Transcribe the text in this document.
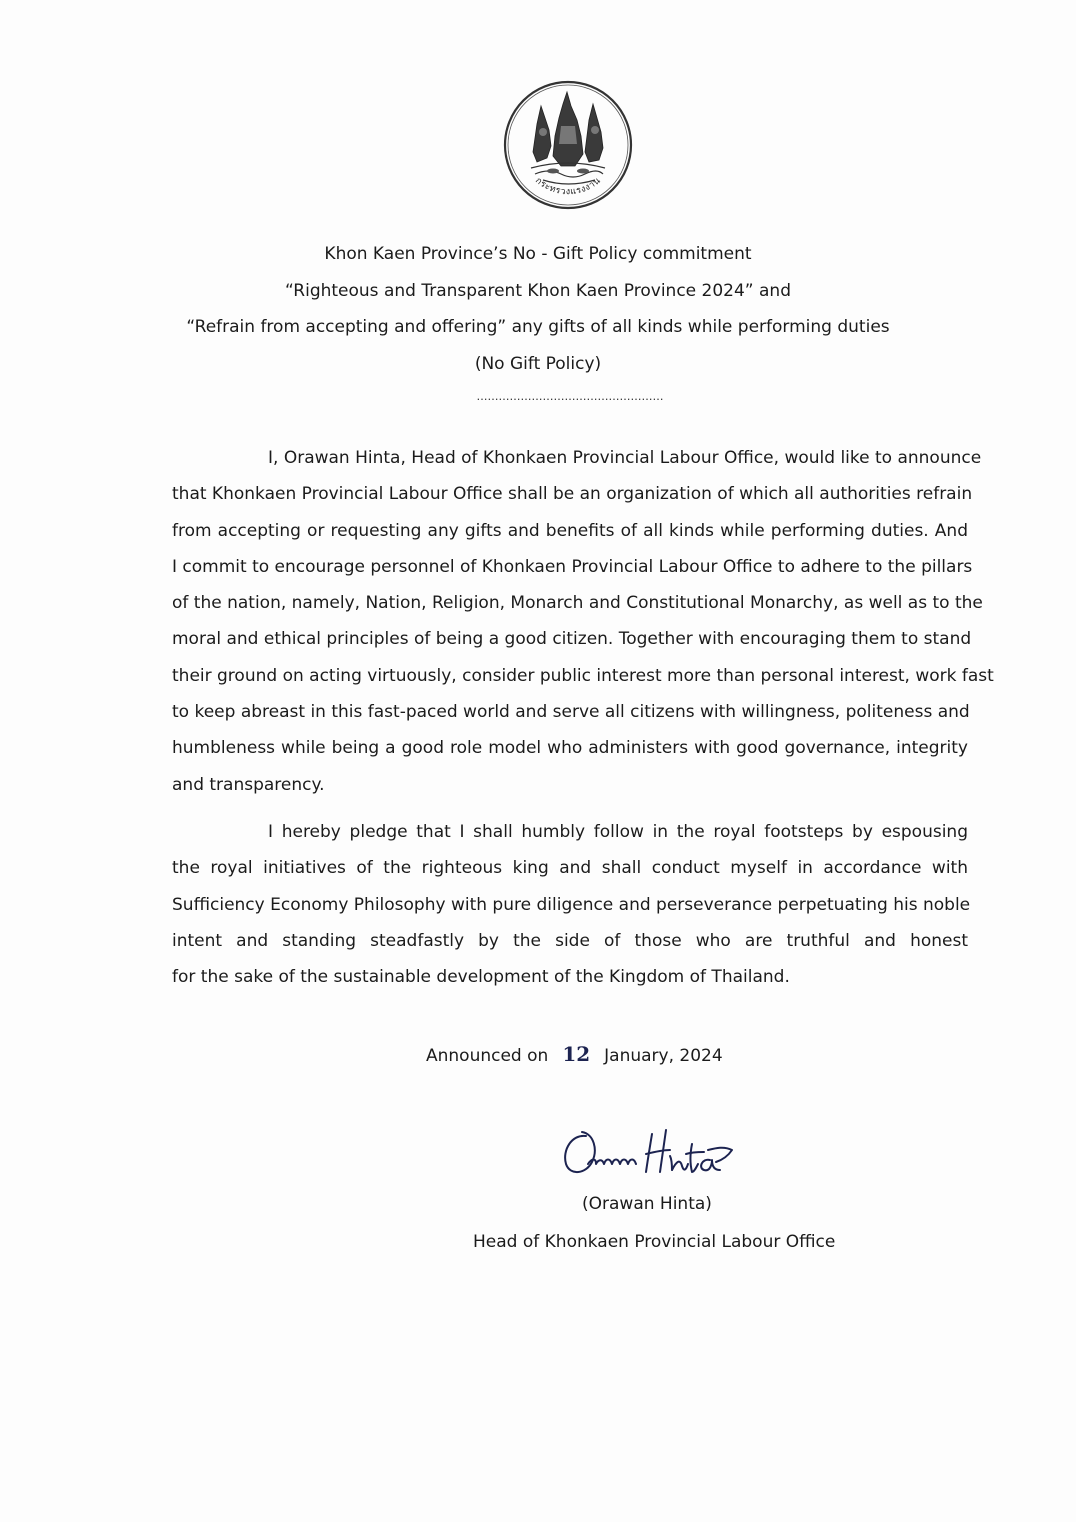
กระทรวงแรงงาน
Khon Kaen Province’s No - Gift Policy commitment
“Righteous and Transparent Khon Kaen Province 2024” and
“Refrain from accepting and offering” any gifts of all kinds while performing duties
(No Gift Policy)
……………………………………………
I, Orawan Hinta, Head of Khonkaen Provincial Labour Office, would like to announce
that Khonkaen Provincial Labour Office shall be an organization of which all authorities refrain
from accepting or requesting any gifts and benefits of all kinds while performing duties. And
I commit to encourage personnel of Khonkaen Provincial Labour Office to adhere to the pillars
of the nation, namely, Nation, Religion, Monarch and Constitutional Monarchy, as well as to the
moral and ethical principles of being a good citizen. Together with encouraging them to stand
their ground on acting virtuously, consider public interest more than personal interest, work fast
to keep abreast in this fast-paced world and serve all citizens with willingness, politeness and
humbleness while being a good role model who administers with good governance, integrity
and transparency.
I hereby pledge that I shall humbly follow in the royal footsteps by espousing
the royal initiatives of the righteous king and shall conduct myself in accordance with
Sufficiency Economy Philosophy with pure diligence and perseverance perpetuating his noble
intent and standing steadfastly by the side of those who are truthful and honest
for the sake of the sustainable development of the Kingdom of Thailand.
Announced on 12 January, 2024
(Orawan Hinta)
Head of Khonkaen Provincial Labour Office
